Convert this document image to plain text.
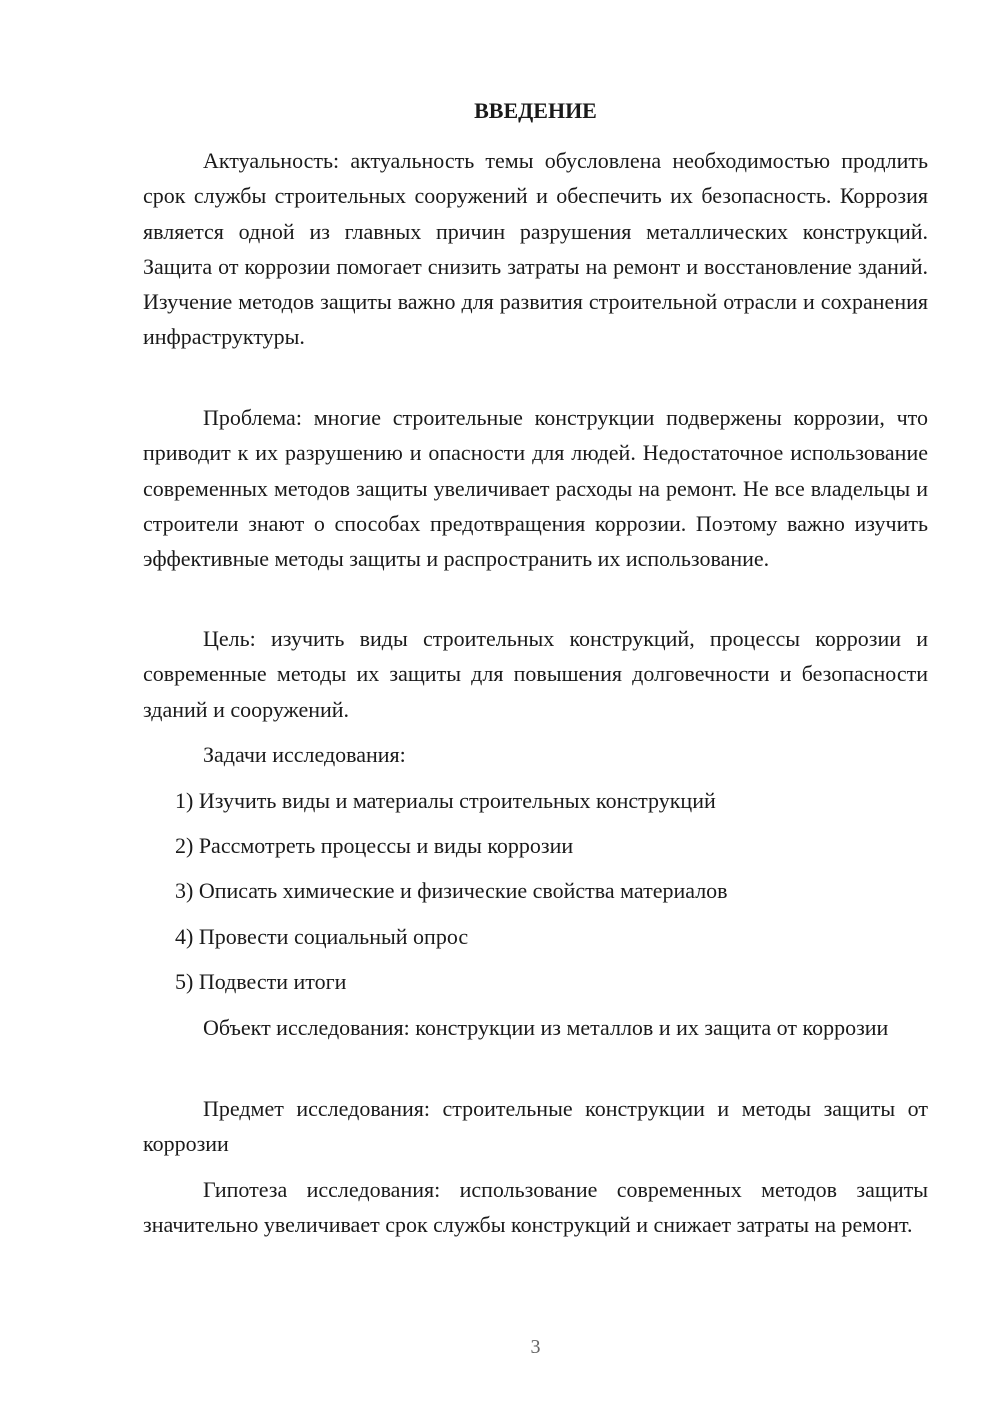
ВВЕДЕНИЕ

Актуальность: актуальность темы обусловлена необходимостью продлить срок службы строительных сооружений и обеспечить их безопасность. Коррозия является одной из главных причин разрушения металлических конструкций. Защита от коррозии помогает снизить затраты на ремонт и восстановление зданий. Изучение методов защиты важно для развития строительной отрасли и сохранения инфраструктуры.

Проблема: многие строительные конструкции подвержены коррозии, что приводит к их разрушению и опасности для людей. Недостаточное использование современных методов защиты увеличивает расходы на ремонт. Не все владельцы и строители знают о способах предотвращения коррозии. Поэтому важно изучить эффективные методы защиты и распространить их использование.

Цель: изучить виды строительных конструкций, процессы коррозии и современные методы их защиты для повышения долговечности и безопасности зданий и сооружений.

Задачи исследования:

1) Изучить виды и материалы строительных конструкций

2) Рассмотреть процессы и виды коррозии

3) Описать химические и физические свойства материалов

4) Провести социальный опрос

5) Подвести итоги

Объект исследования: конструкции из металлов и их защита от коррозии

Предмет исследования: строительные конструкции и методы защиты от коррозии

Гипотеза исследования: использование современных методов защиты значительно увеличивает срок службы конструкций и снижает затраты на ремонт.

3
